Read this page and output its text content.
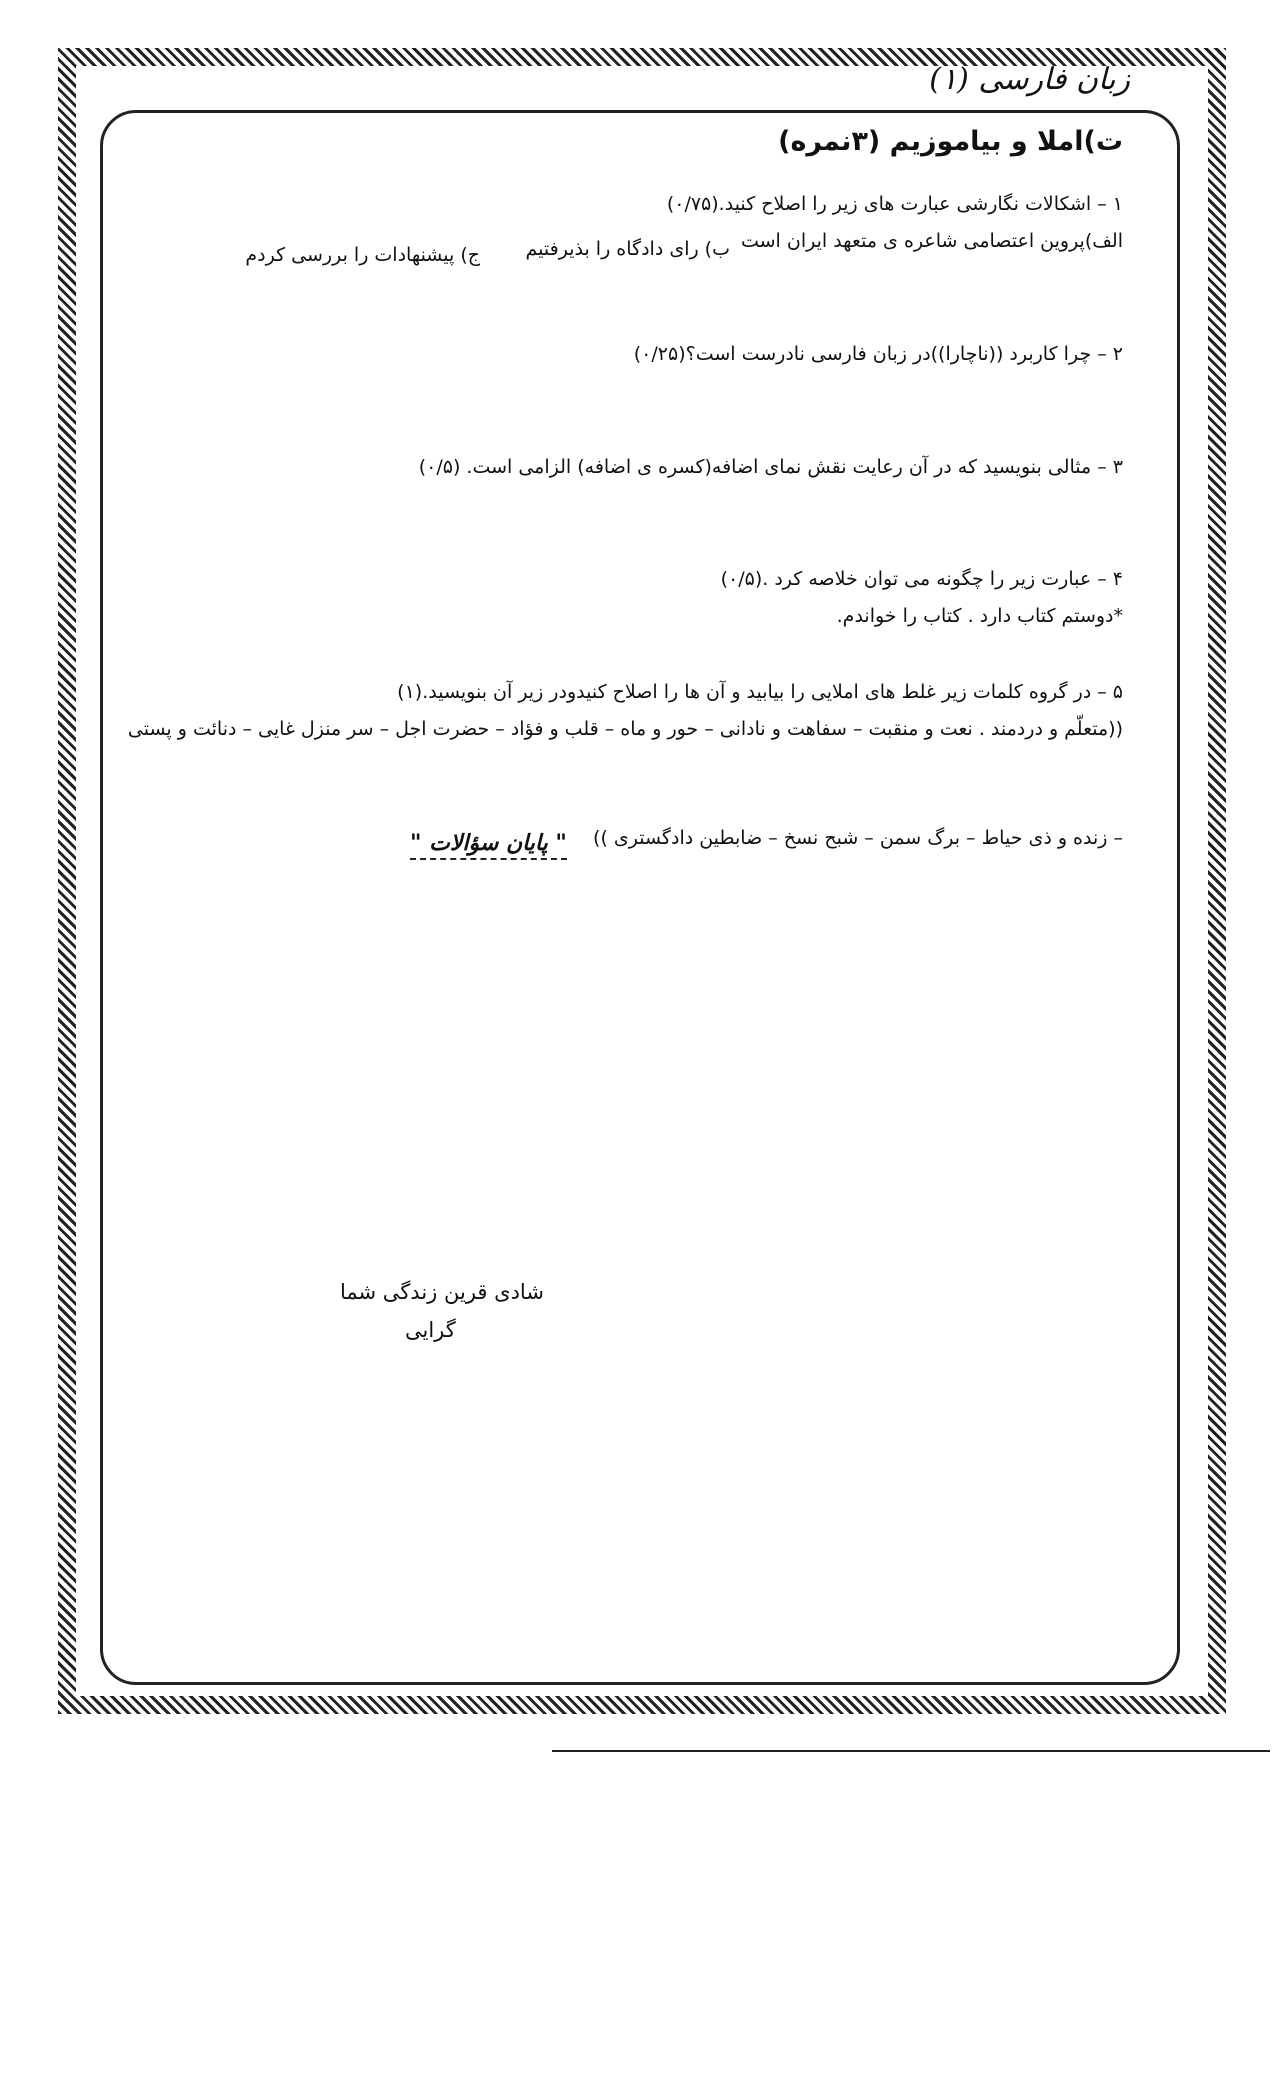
زبان فارسی (۱)
ت)املا و بیاموزیم (۳نمره)
۱ – اشکالات نگارشی عبارت های زیر را اصلاح کنید.(۰/۷۵)
الف)پروین اعتصامی شاعره ی متعهد ایران است
ب) رای دادگاه را بذیرفتیم
ج) پیشنهادات را بررسی کردم
۲ – چرا کاربرد ((ناچارا))در زبان فارسی نادرست است؟(۰/۲۵)
۳ – مثالی بنویسید که در آن رعایت نقش نمای اضافه(کسره ی اضافه) الزامی است. (۰/۵)
۴ – عبارت زیر را چگونه می توان خلاصه کرد .(۰/۵)
*دوستم کتاب دارد . کتاب را خواندم.
۵ – در گروه کلمات زیر غلط های املایی را بیابید و آن ها را اصلاح کنیدودر زیر آن بنویسید.(۱)
((متعلّم و دردمند . نعت و منقبت – سفاهت و نادانی – حور و ماه – قلب و فؤاد – حضرت اجل – سر منزل غایی – دنائت و پستی
– زنده و ذی حیاط – برگ سمن – شبح نسخ – ضابطین دادگستری ))
" پایان سؤالات "
شادی قرین زندگی شما
گرایی
